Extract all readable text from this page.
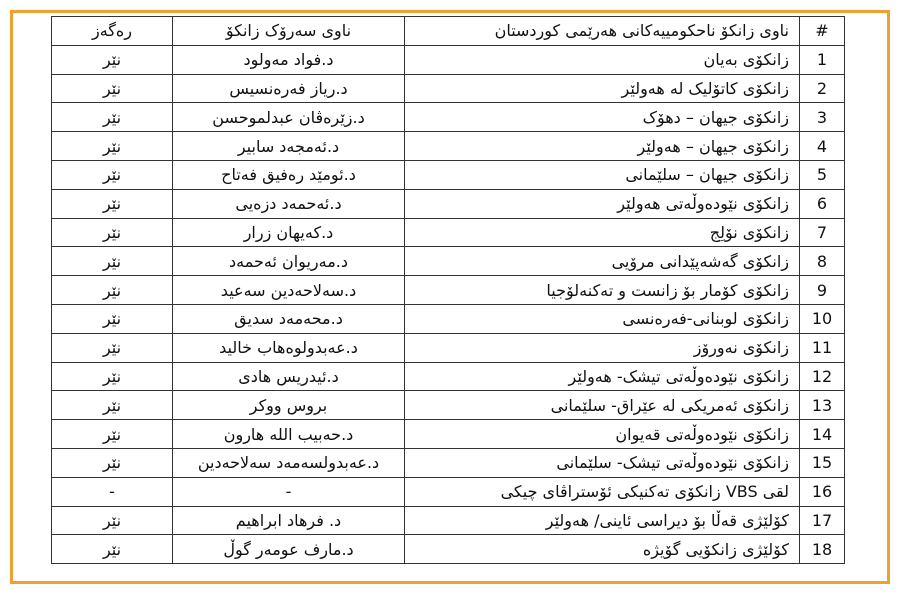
رەگەز	ناوی سەرۆک زانکۆ	ناوی زانکۆ ناحکومییەکانی هەرێمی کوردستان	#
نێر	د.فواد مەولود	زانکۆی بەیان	1
نێر	د.ریاز فەرەنسیس	زانکۆی کاتۆلیک لە هەولێر	2
نێر	د.زێرەڤان عبدلموحسن	زانکۆی جیهان – دهۆک	3
نێر	د.ئەمجەد سابیر	زانکۆی جیهان – هەولێر	4
نێر	د.ئومێد رەفیق فەتاح	زانکۆی جیهان – سلێمانی	5
نێر	د.ئەحمەد دزەیی	زانکۆی نێودەوڵەتی هەولێر	6
نێر	د.کەیهان زرار	زانکۆی نۆلِج	7
نێر	د.مەریوان ئەحمەد	زانکۆی گەشەپێدانی مرۆیی	8
نێر	د.سەلاحەدین سەعید	زانکۆی کۆمار بۆ زانست و تەکنەلۆجیا	9
نێر	د.محەمەد سدیق	زانکۆی لوبنانی-فەرەنسی	10
نێر	د.عەبدولوەهاب خالید	زانکۆی نەورۆز	11
نێر	د.ئیدریس هادی	زانکۆی نێودەوڵەتی تیشک- هەولێر	12
نێر	بروس ووکر	زانکۆی ئەمریکی لە عێراق- سلێمانی	13
نێر	د.حەبیب الله هارون	زانکۆی نێودەوڵەتی قەیوان	14
نێر	د.عەبدولسەمەد سەلاحەدین	زانکۆی نێودەوڵەتی تیشک- سلێمانی	15
-	-	لقی VBS زانکۆی تەکنیکی ئۆستراڤای چیکی	16
نێر	د. فرهاد ابراهیم	کۆلێژی قەڵا بۆ دیراسی ئاینی/ هەولێر	17
نێر	د.مارف عومەر گوڵ	کۆلێژی زانکۆیی گۆیژە	18
